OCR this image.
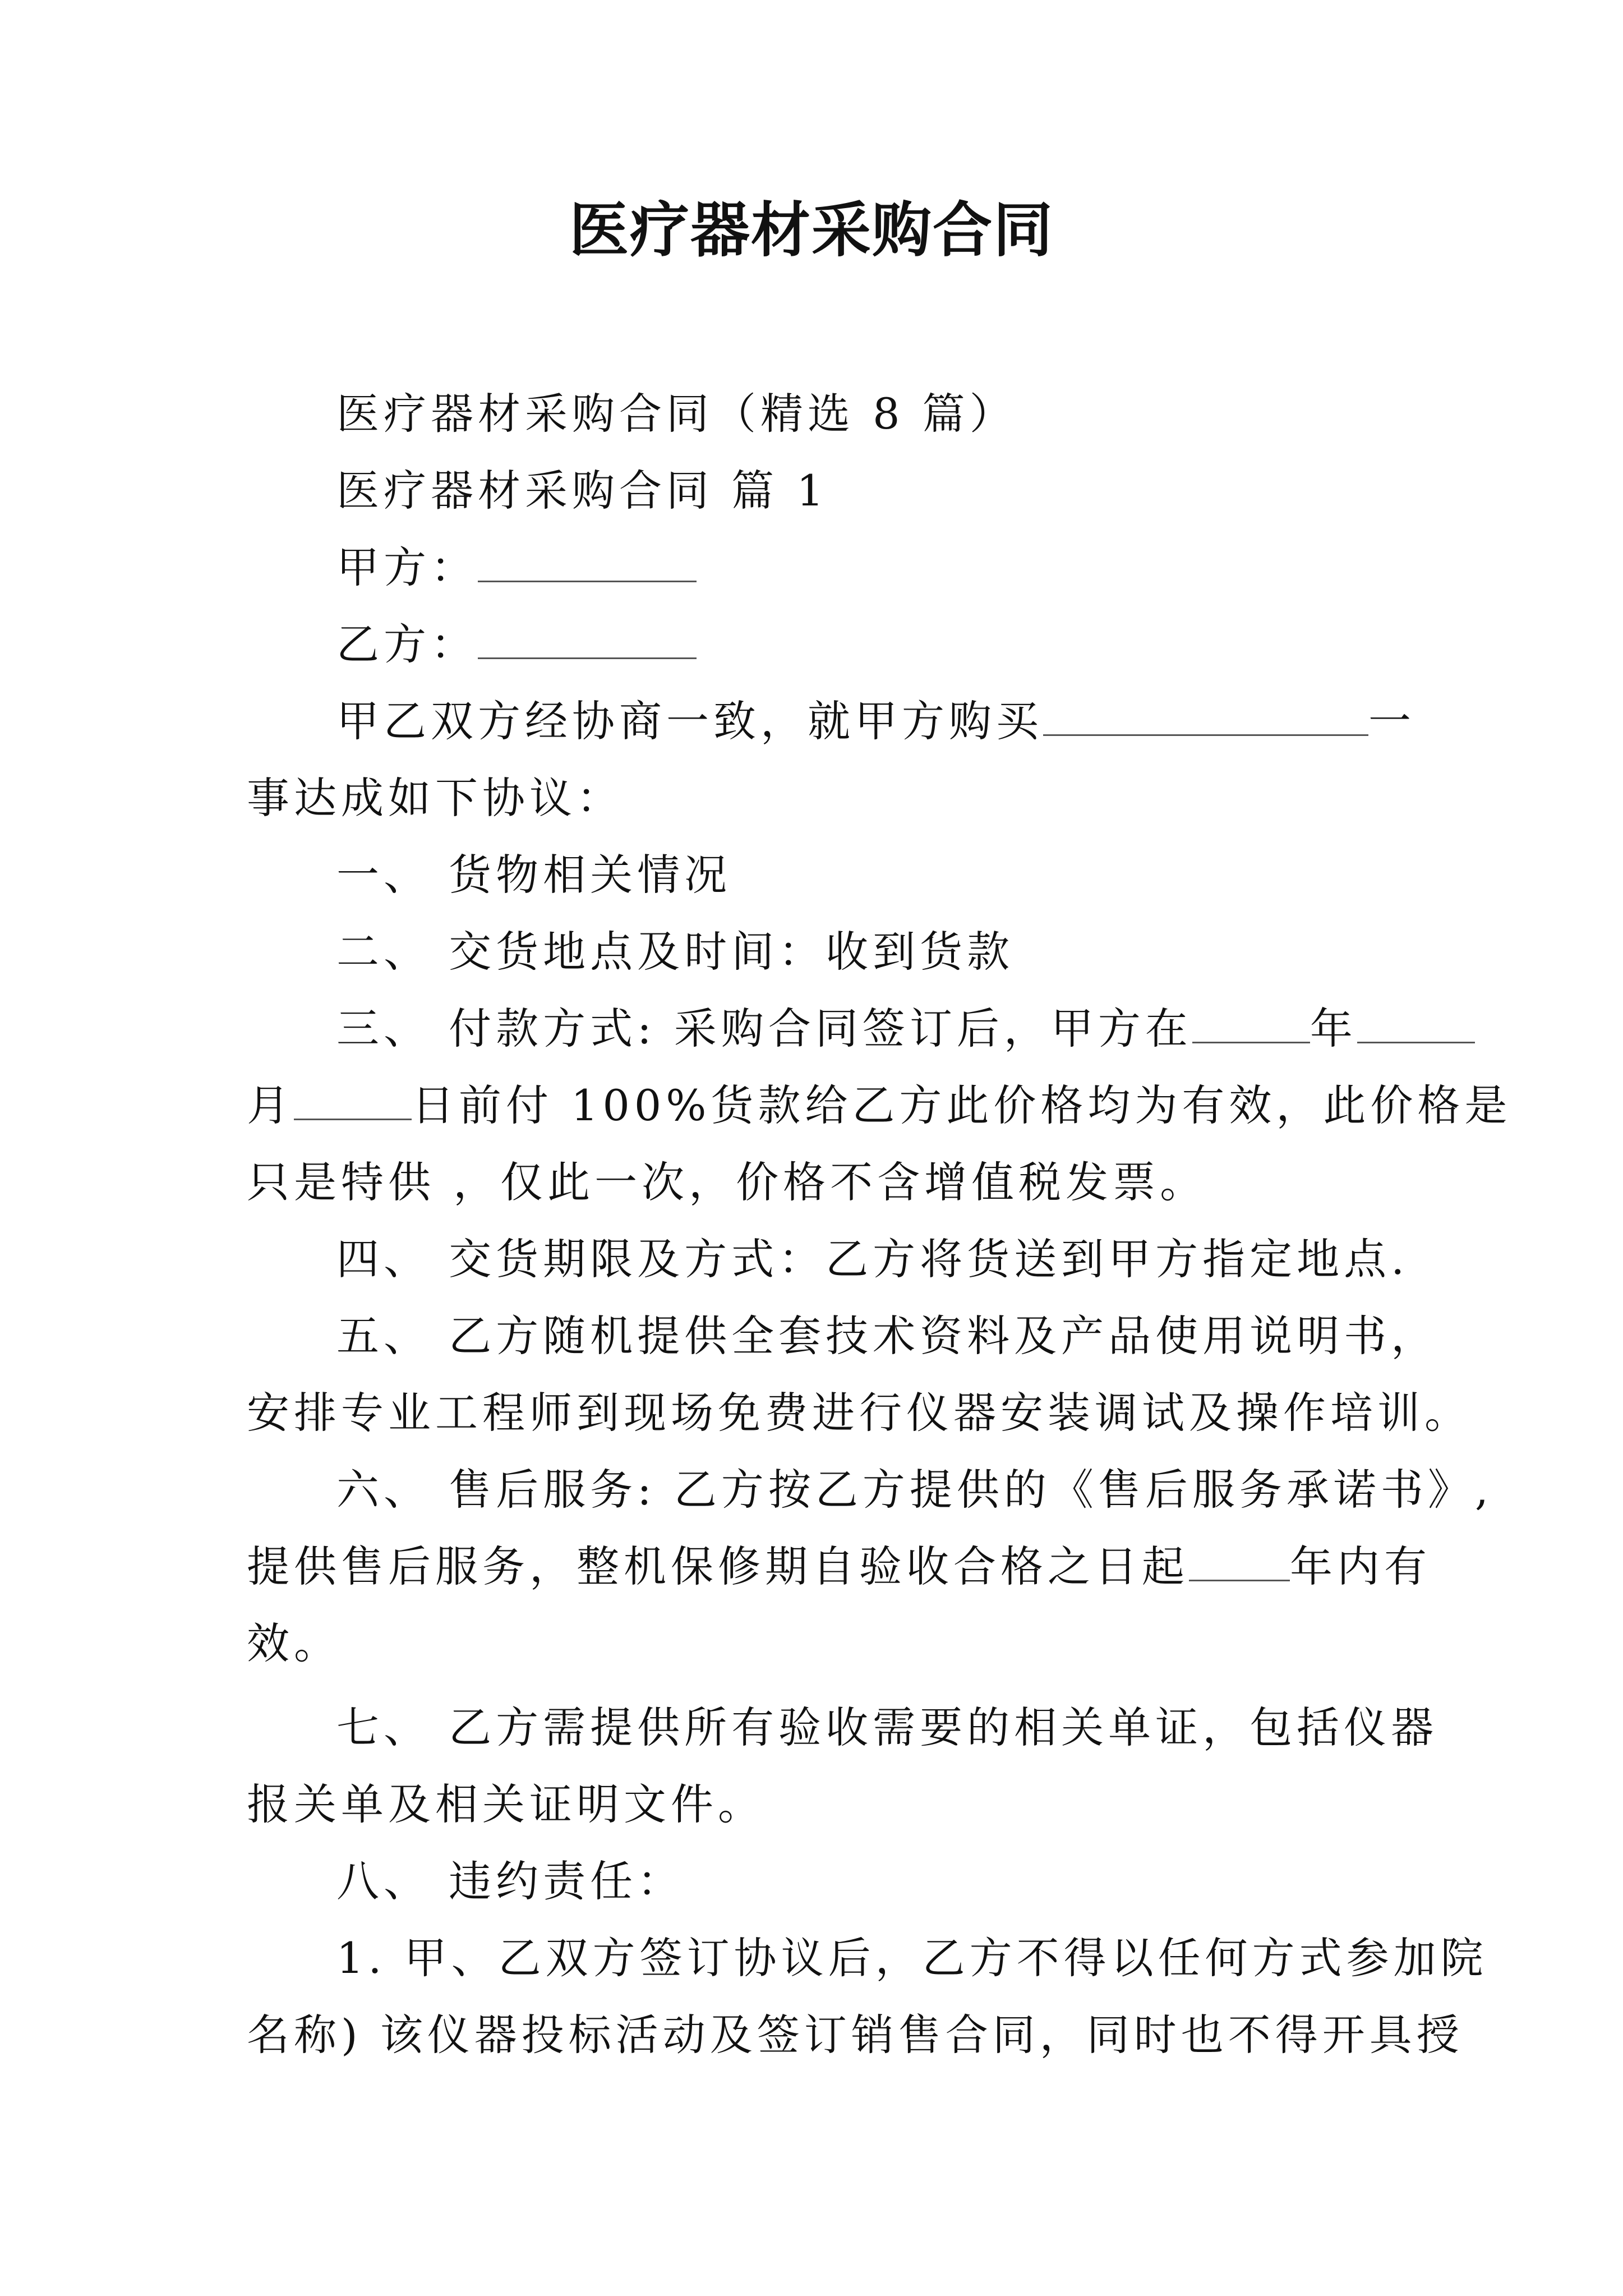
医疗器材采购合同
医疗器材采购合同（精选 8 篇）
医疗器材采购合同 篇 1
甲方：
乙方：
甲乙双方经协商一致，就甲方购买	一
事达成如下协议：
一、 货物相关情况
二、 交货地点及时间：收到货款
三、 付款方式: 采购合同签订后，甲方在	年
月	日前付 100%货款给乙方此价格均为有效，此价格是
只是特供 ，仅此一次，价格不含增值税发票。
四、 交货期限及方式：乙方将货送到甲方指定地点.
五、 乙方随机提供全套技术资料及产品使用说明书，
安排专业工程师到现场免费进行仪器安装调试及操作培训。
六、 售后服务: 乙方按乙方提供的《售后服务承诺书》,
提供售后服务，整机保修期自验收合格之日起 年内有
效。
七、 乙方需提供所有验收需要的相关单证，包括仪器
报关单及相关证明文件。
八、 违约责任：
1. 甲、乙双方签订协议后，乙方不得以任何方式参加院
名称) 该仪器投标活动及签订销售合同，同时也不得开具授
